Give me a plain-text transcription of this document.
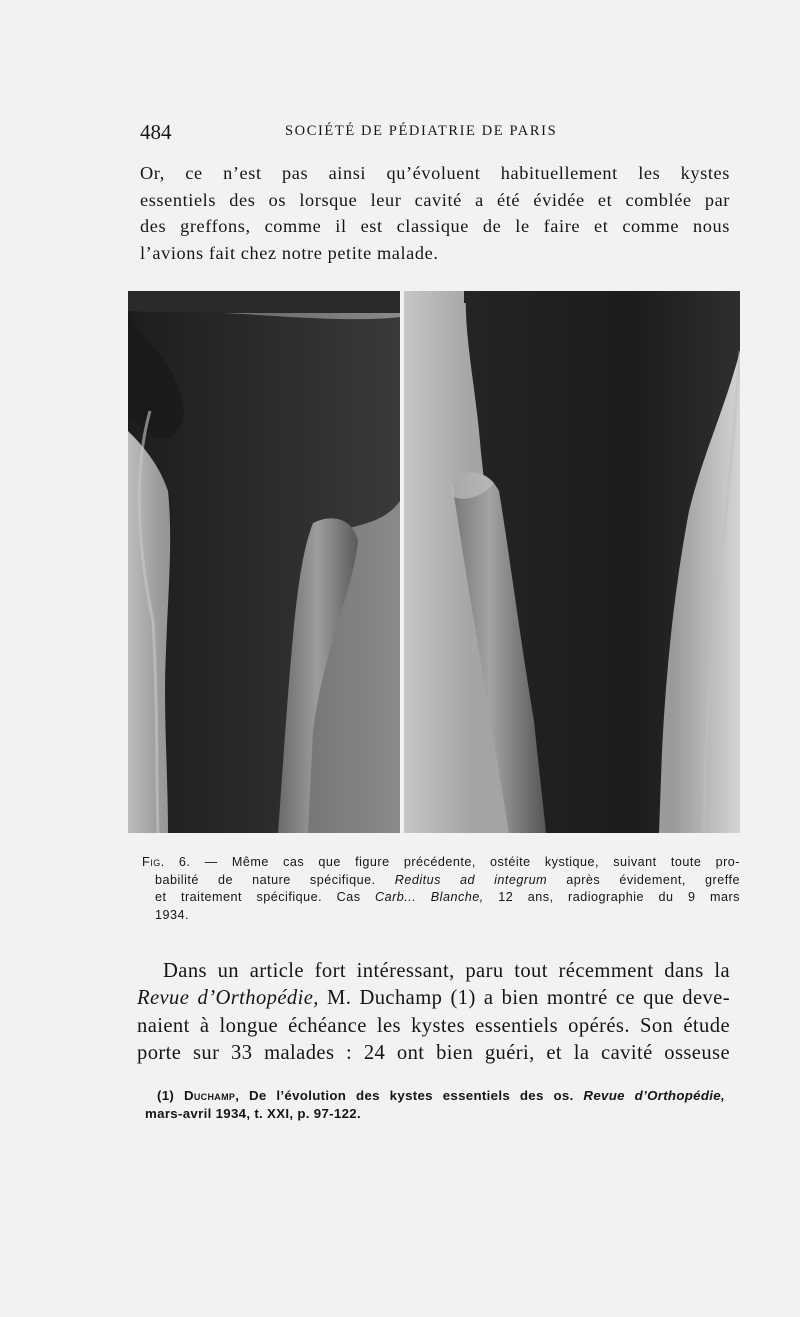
484	SOCIÉTÉ DE PÉDIATRIE DE PARIS
Or, ce n’est pas ainsi qu’évoluent habituellement les kystes
essentiels des os lorsque leur cavité a été évidée et comblée par
des greffons, comme il est classique de le faire et comme nous
l’avions fait chez notre petite malade.
Fig. 6. — Même cas que figure précédente, ostéite kystique, suivant toute pro-
babilité de nature spécifique. Reditus ad integrum après évidement, greffe
et traitement spécifique. Cas Carb... Blanche, 12 ans, radiographie du 9 mars
1934.
Dans un article fort intéressant, paru tout récemment dans la
Revue d’Orthopédie, M. Duchamp (1) a bien montré ce que deve-
naient à longue échéance les kystes essentiels opérés. Son étude
porte sur 33 malades : 24 ont bien guéri, et la cavité osseuse
(1) Duchamp, De l’évolution des kystes essentiels des os. Revue d’Orthopédie,
mars-avril 1934, t. XXI, p. 97-122.
